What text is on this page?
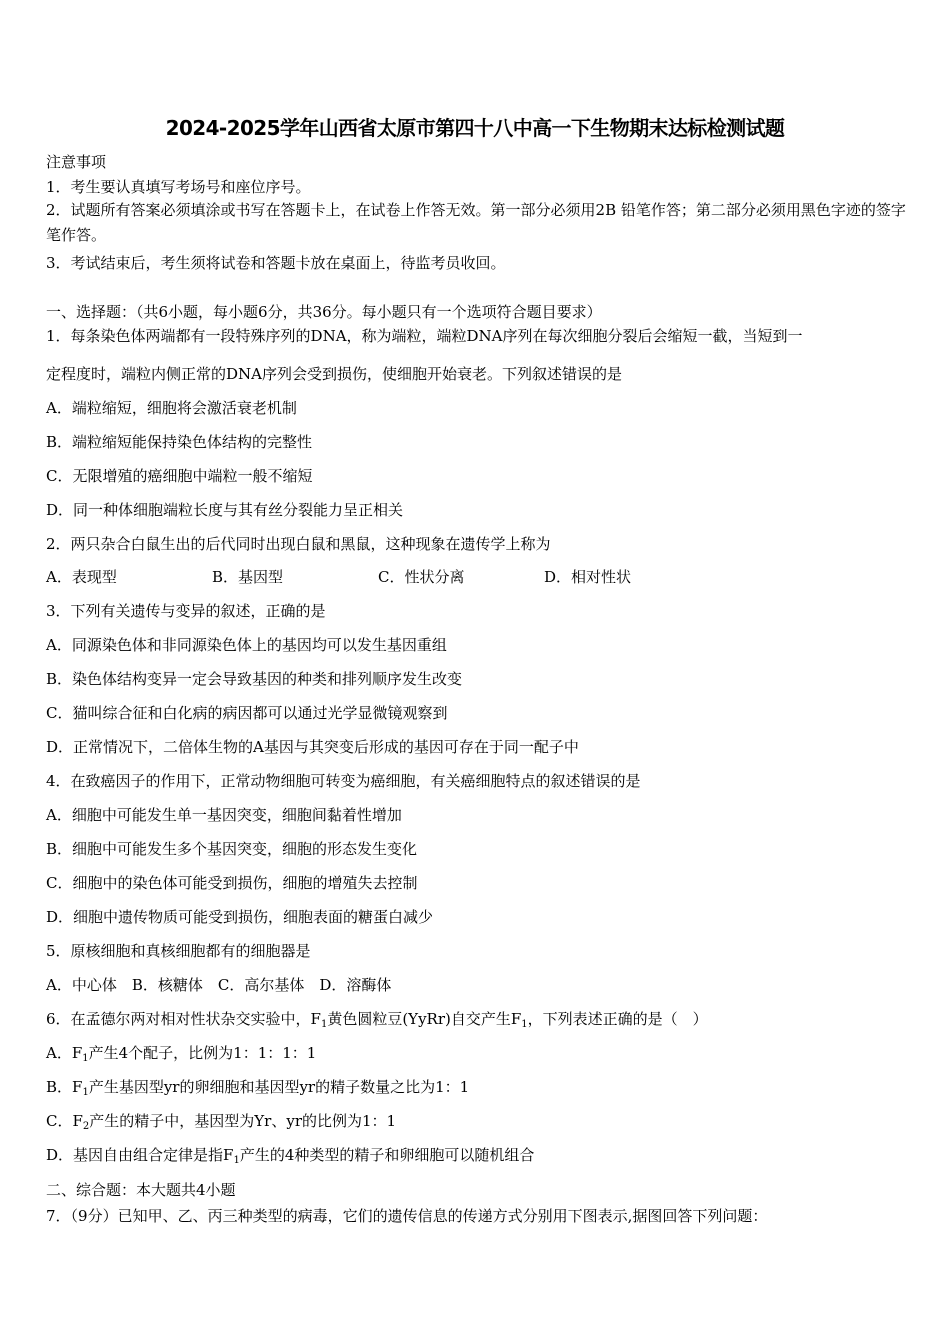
2024-2025学年山西省太原市第四十八中高一下生物期末达标检测试题
注意事项
1．考生要认真填写考场号和座位序号。
2．试题所有答案必须填涂或书写在答题卡上，在试卷上作答无效。第一部分必须用2B 铅笔作答；第二部分必须用黑色字迹的签字笔作答。
3．考试结束后，考生须将试卷和答题卡放在桌面上，待监考员收回。
一、选择题：（共6小题，每小题6分，共36分。每小题只有一个选项符合题目要求）
1．每条染色体两端都有一段特殊序列的DNA，称为端粒，端粒DNA序列在每次细胞分裂后会缩短一截，当短到一
定程度时，端粒内侧正常的DNA序列会受到损伤，使细胞开始衰老。下列叙述错误的是
A．端粒缩短，细胞将会激活衰老机制
B．端粒缩短能保持染色体结构的完整性
C．无限增殖的癌细胞中端粒一般不缩短
D．同一种体细胞端粒长度与其有丝分裂能力呈正相关
2．两只杂合白鼠生出的后代同时出现白鼠和黑鼠，这种现象在遗传学上称为
A．表现型	B．基因型	C．性状分离	D．相对性状
3．下列有关遗传与变异的叙述，正确的是
A．同源染色体和非同源染色体上的基因均可以发生基因重组
B．染色体结构变异一定会导致基因的种类和排列顺序发生改变
C．猫叫综合征和白化病的病因都可以通过光学显微镜观察到
D．正常情况下，二倍体生物的A基因与其突变后形成的基因可存在于同一配子中
4．在致癌因子的作用下，正常动物细胞可转变为癌细胞，有关癌细胞特点的叙述错误的是
A．细胞中可能发生单一基因突变，细胞间黏着性增加
B．细胞中可能发生多个基因突变，细胞的形态发生变化
C．细胞中的染色体可能受到损伤，细胞的增殖失去控制
D．细胞中遗传物质可能受到损伤，细胞表面的糖蛋白减少
5．原核细胞和真核细胞都有的细胞器是
A．中心体　B．核糖体　C．高尔基体　D．溶酶体
6．在孟德尔两对相对性状杂交实验中，$F_1$黄色圆粒豆(YyRr)自交产生$F_1$，下列表述正确的是（　）
A．$F_1$产生4个配子，比例为1：1：1：1
B．$F_1$产生基因型yr的卵细胞和基因型yr的精子数量之比为1：1
C．$F_2$产生的精子中，基因型为Yr、yr的比例为1：1
D．基因自由组合定律是指$F_1$产生的4种类型的精子和卵细胞可以随机组合
二、综合题：本大题共4小题
7．（9分）已知甲、乙、丙三种类型的病毒，它们的遗传信息的传递方式分别用下图表示,据图回答下列问题：
